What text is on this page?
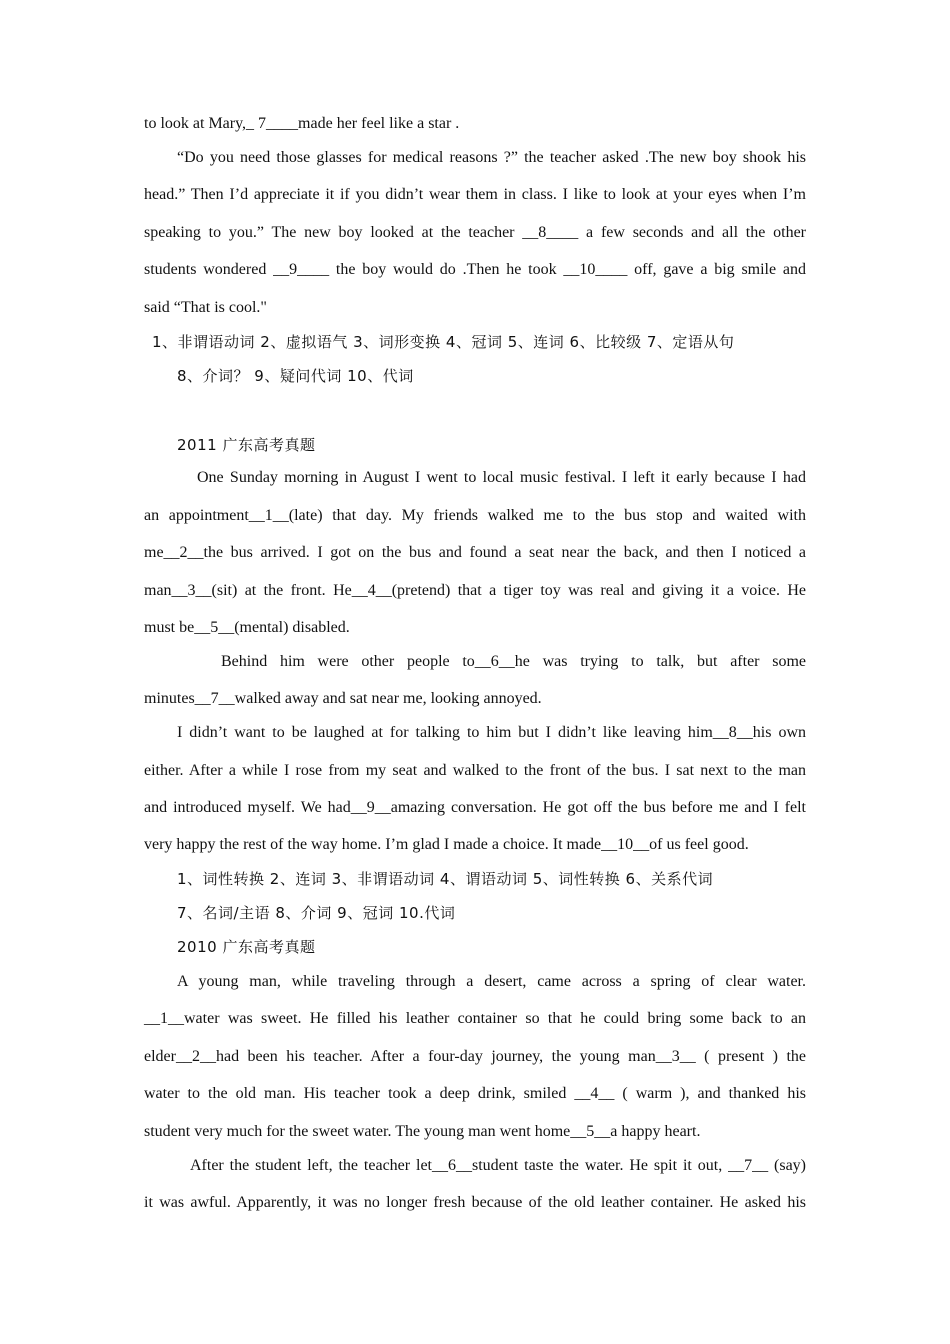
to look at Mary,_ 7____made her feel like a star .
“Do you need those glasses for medical reasons ?” the teacher asked .The new boy shook his
head.” Then I’d appreciate it if you didn’t wear them in class. I like to look at your eyes when I’m
speaking to you.” The new boy looked at the teacher __8____ a few seconds and all the other
students wondered __9____ the boy would do .Then he took __10____ off, gave a big smile and
said “That is cool."
1、非谓语动词 2、虚拟语气 3、词形变换 4、冠词 5、连词 6、比较级 7、定语从句
8、介词？ 9、疑问代词 10、代词
2011 广东高考真题
One Sunday morning in August I went to local music festival. I left it early because I had
an appointment__1__(late) that day. My friends walked me to the bus stop and waited with
me__2__the bus arrived. I got on the bus and found a seat near the back, and then I noticed a
man__3__(sit) at the front. He__4__(pretend) that a tiger toy was real and giving it a voice. He
must be__5__(mental) disabled.
Behind him were other people to__6__he was trying to talk, but after some
minutes__7__walked away and sat near me, looking annoyed.
I didn’t want to be laughed at for talking to him but I didn’t like leaving him__8__his own
either. After a while I rose from my seat and walked to the front of the bus. I sat next to the man
and introduced myself. We had__9__amazing conversation. He got off the bus before me and I felt
very happy the rest of the way home. I’m glad I made a choice. It made__10__of us feel good.
1、词性转换 2、连词 3、非谓语动词 4、谓语动词 5、词性转换 6、关系代词
7、名词/主语 8、介词 9、冠词 10.代词
2010 广东高考真题
A young man, while traveling through a desert, came across a spring of clear water.
__1__water was sweet. He filled his leather container so that he could bring some back to an
elder__2__had been his teacher. After a four-day journey, the young man__3__ ( present ) the
water to the old man. His teacher took a deep drink, smiled __4__ ( warm ), and thanked his
student very much for the sweet water. The young man went home__5__a happy heart.
After the student left, the teacher let__6__student taste the water. He spit it out, __7__ (say)
it was awful. Apparently, it was no longer fresh because of the old leather container. He asked his
